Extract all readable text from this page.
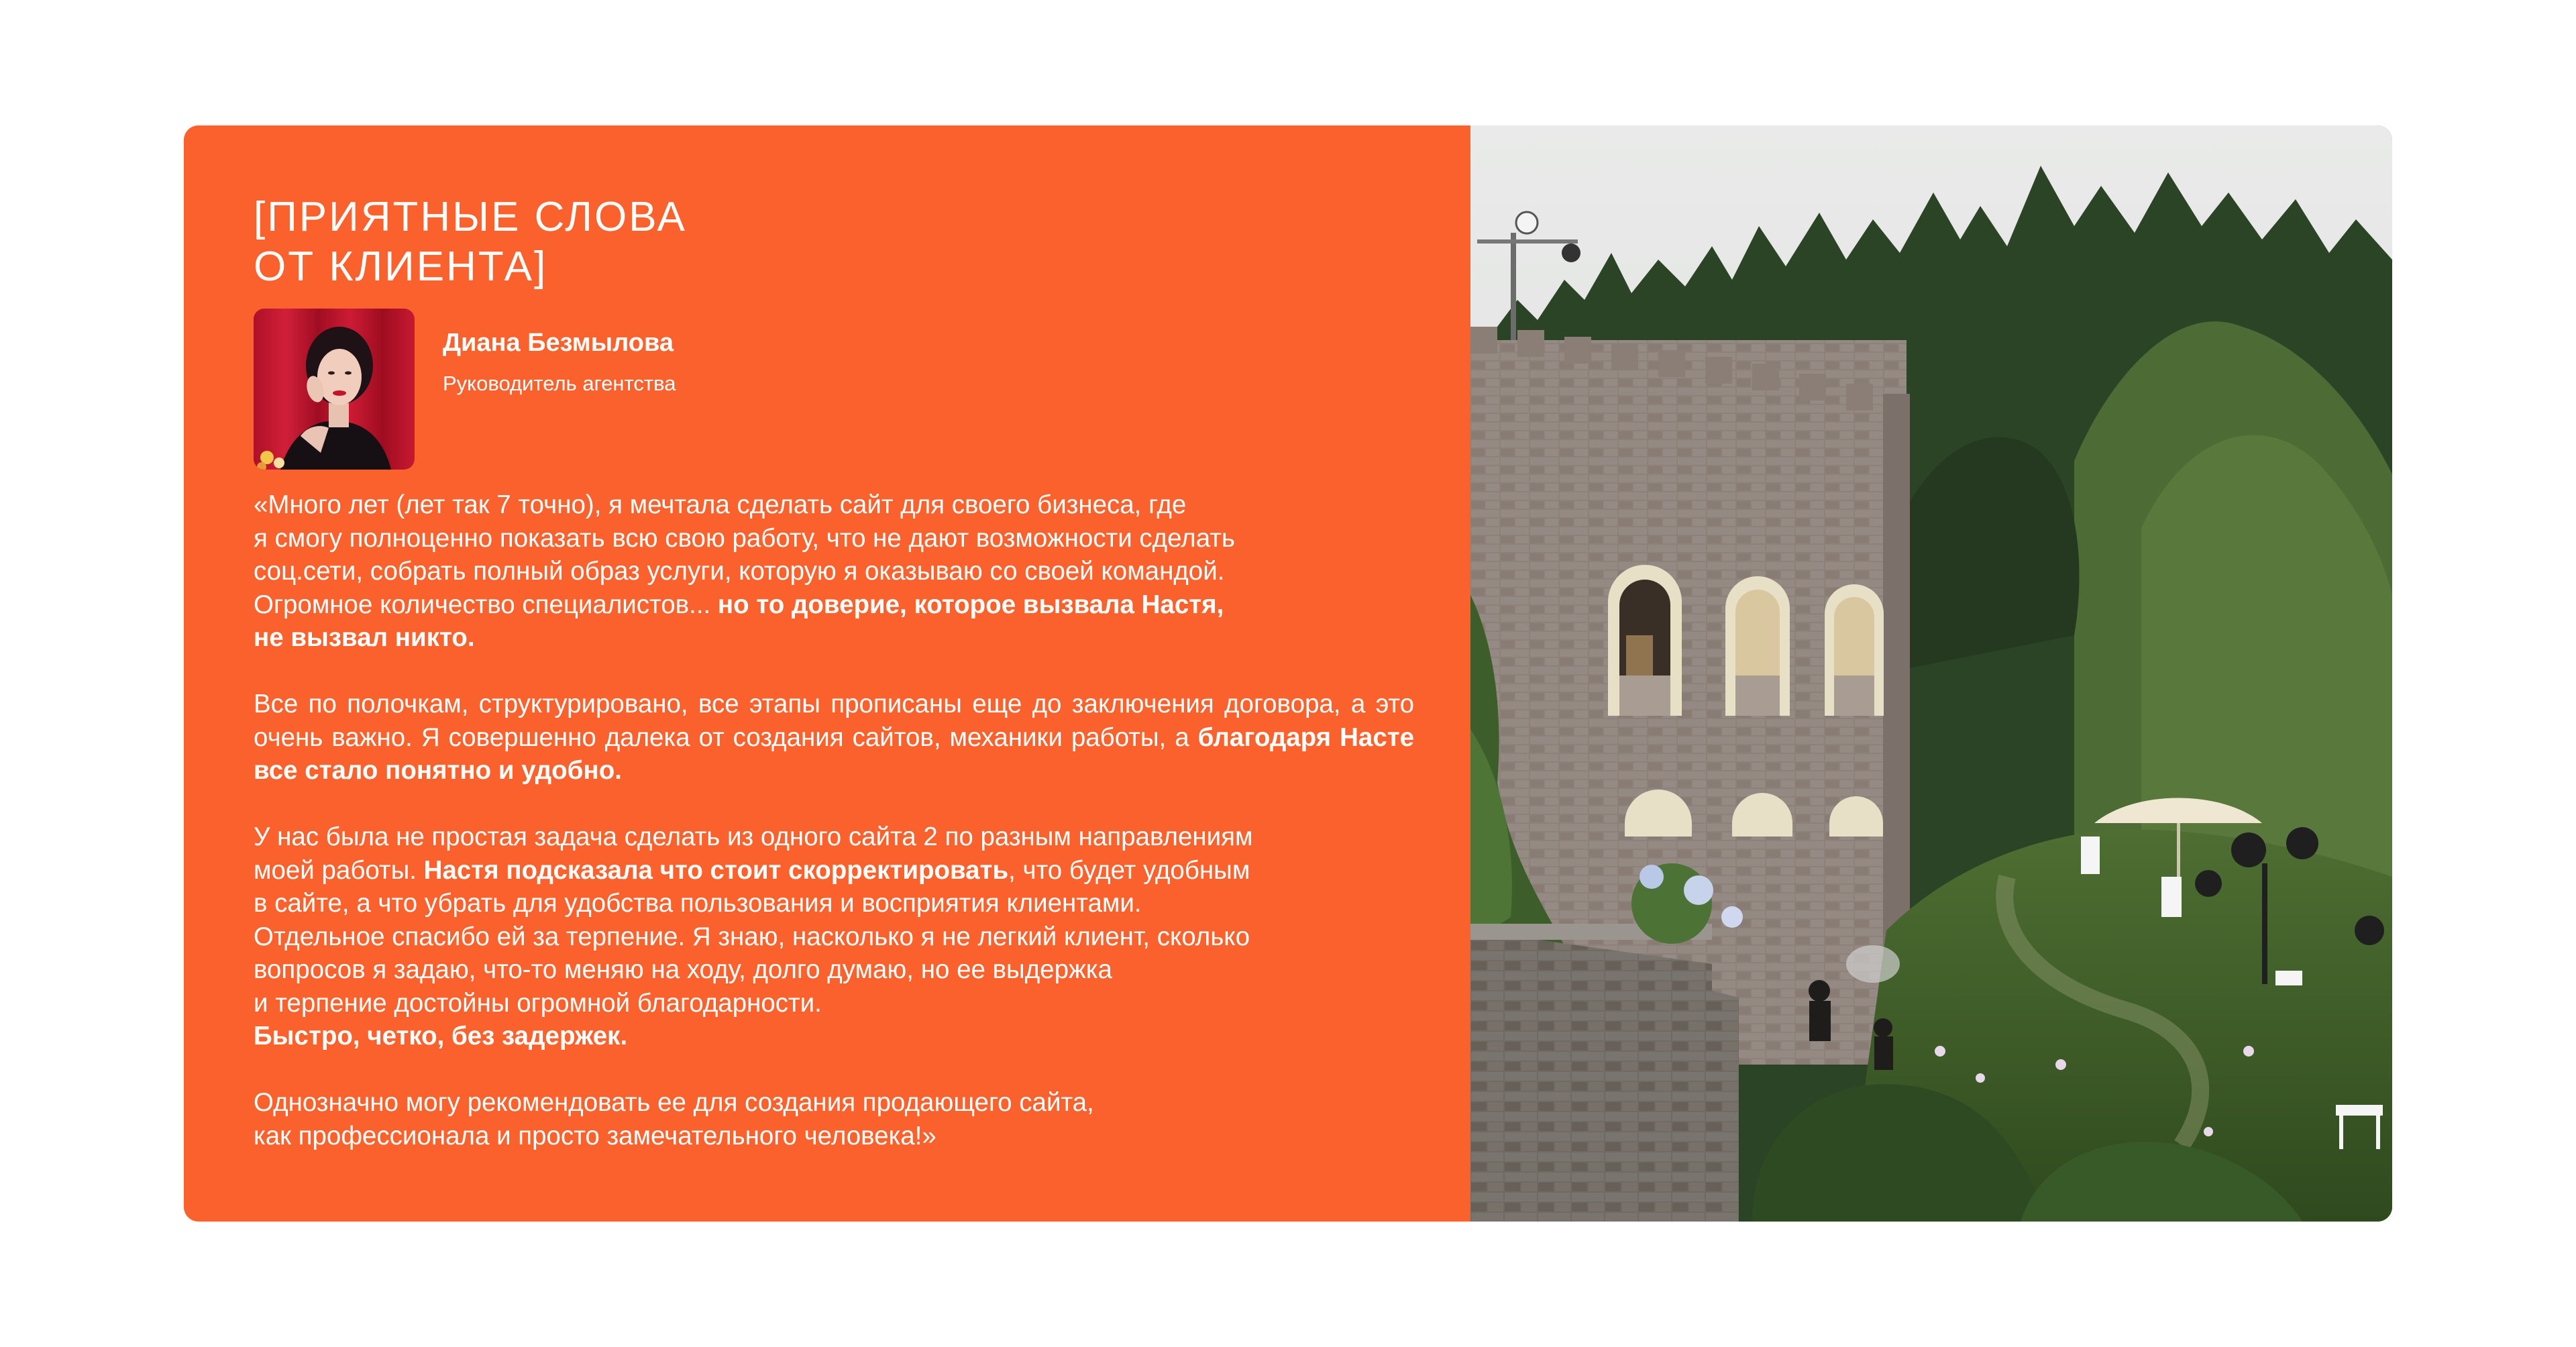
[ПРИЯТНЫЕ СЛОВА
ОТ КЛИЕНТА]
Диана Безмылова
Руководитель агентства

«Много лет (лет так 7 точно), я мечтала сделать сайт для своего бизнеса, где
я смогу полноценно показать всю свою работу, что не дают возможности сделать
соц.сети, собрать полный образ услуги, которую я оказываю со своей командой.
Огромное количество специалистов... но то доверие, которое вызвала Настя,
не вызвал никто.

Все по полочкам, структурировано, все этапы прописаны еще до заключения договора, а это очень важно. Я совершенно далека от создания сайтов, механики работы, а благодаря Насте все стало понятно и удобно.

У нас была не простая задача сделать из одного сайта 2 по разным направлениям
моей работы. Настя подсказала что стоит скорректировать, что будет удобным
в сайте, а что убрать для удобства пользования и восприятия клиентами.
Отдельное спасибо ей за терпение. Я знаю, насколько я не легкий клиент, сколько
вопросов я задаю, что-то меняю на ходу, долго думаю, но ее выдержка
и терпение достойны огромной благодарности.
Быстро, четко, без задержек.

Однозначно могу рекомендовать ее для создания продающего сайта,
как профессионала и просто замечательного человека!»
